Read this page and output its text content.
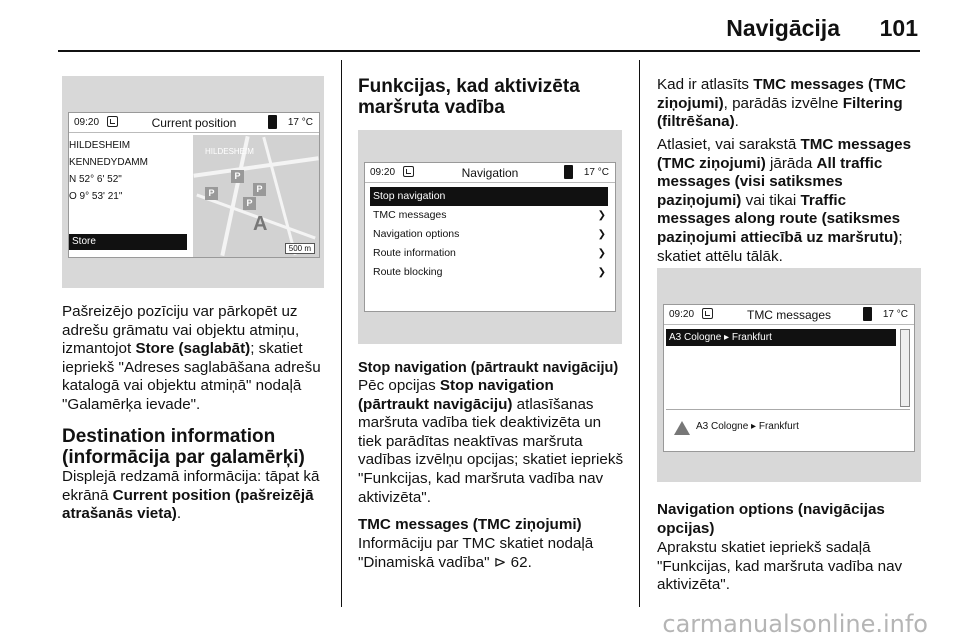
Navigācija 101
09:20	Current position	17 °C
HILDESHEIM
KENNEDYDAMM
N 52° 6' 52"
O 9° 53' 21"
Store
HILDESHEIM
P
P
P
P
A
500 m

Pašreizējo pozīciju var pārkopēt uz adrešu grāmatu vai objektu atmiņu, izmantojot Store (saglabāt); skatiet iepriekš "Adreses saglabāšana adrešu katalogā vai objektu atmiņā" nodaļā "Galamērķa ievade".

Destination information (informācija par galamērķi)

Displejā redzamā informācija: tāpat kā ekrānā Current position (pašreizējā atrašanās vieta).

Funkcijas, kad aktivizēta maršruta vadība
09:20	Navigation	17 °C
Stop navigation
TMC messages	❯
Navigation options	❯
Route information	❯
Route blocking	❯
Stop navigation (pārtraukt navigāciju)

Pēc opcijas Stop navigation (pārtraukt navigāciju) atlasīšanas maršruta vadība tiek deaktivizēta un tiek parādītas neaktīvas maršruta vadības izvēlņu opcijas; skatiet iepriekš "Funkcijas, kad maršruta vadība nav aktivizēta".

TMC messages (TMC ziņojumi)

Informāciju par TMC skatiet nodaļā "Dinamiskā vadība" ⊳ 62.

Kad ir atlasīts TMC messages (TMC ziņojumi), parādās izvēlne Filtering (filtrēšana).

Atlasiet, vai sarakstā TMC messages (TMC ziņojumi) jārāda All traffic messages (visi satiksmes paziņojumi) vai tikai Traffic messages along route (satiksmes paziņojumi attiecībā uz maršrutu); skatiet attēlu tālāk.

09:20	TMC messages	17 °C
A3 Cologne ▸ Frankfurt
A3 Cologne ▸ Frankfurt
Navigation options (navigācijas opcijas)

Aprakstu skatiet iepriekš sadaļā "Funkcijas, kad maršruta vadība nav aktivizēta".

carmanualsonline.info
